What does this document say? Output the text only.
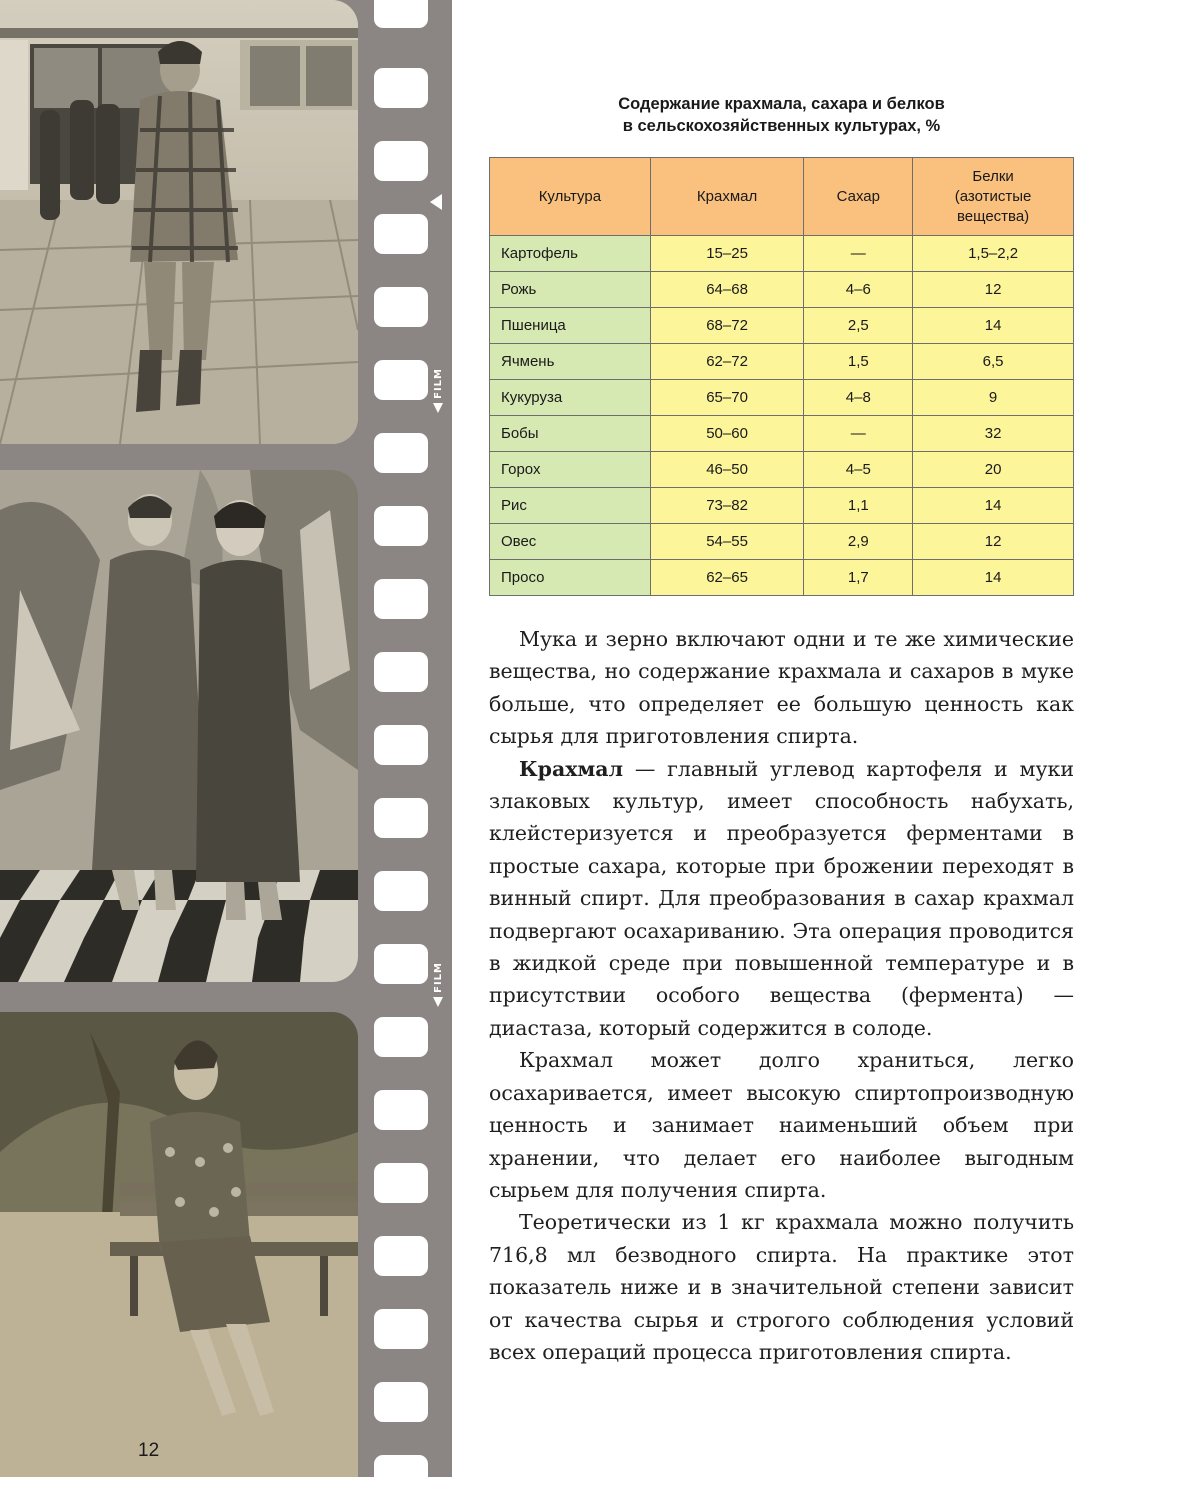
FILM
FILM
12
Содержание крахмала, сахара и белков
в сельскохозяйственных культурах, %
Культура	Крахмал	Сахар	Белки (азотистые вещества)

Картофель	15–25	—	1,5–2,2
Рожь	64–68	4–6	12
Пшеница	68–72	2,5	14
Ячмень	62–72	1,5	6,5
Кукуруза	65–70	4–8	9
Бобы	50–60	—	32
Горох	46–50	4–5	20
Рис	73–82	1,1	14
Овес	54–55	2,9	12
Просо	62–65	1,7	14

Мука и зерно включают одни и те же химические вещества, но содержание крахмала и сахаров в муке больше, что определяет ее большую ценность как сырья для приготовления спирта.

Крахмал — главный углевод картофеля и муки злаковых культур, имеет способность набухать, клейстеризуется и преобразуется ферментами в простые сахара, которые при брожении переходят в винный спирт. Для преобразования в сахар крахмал подвергают осахариванию. Эта операция проводится в жидкой среде при повышенной температуре и в присутствии особого вещества (фермента) — диастаза, который содержится в солоде.

Крахмал может долго храниться, легко осахаривается, имеет высокую спиртопроизводную ценность и занимает наименьший объем при хранении, что делает его наиболее выгодным сырьем для получения спирта.

Теоретически из 1 кг крахмала можно получить 716,8 мл безводного спирта. На практике этот показатель ниже и в значительной степени зависит от качества сырья и строгого соблюдения условий всех операций процесса приготовления спирта.
